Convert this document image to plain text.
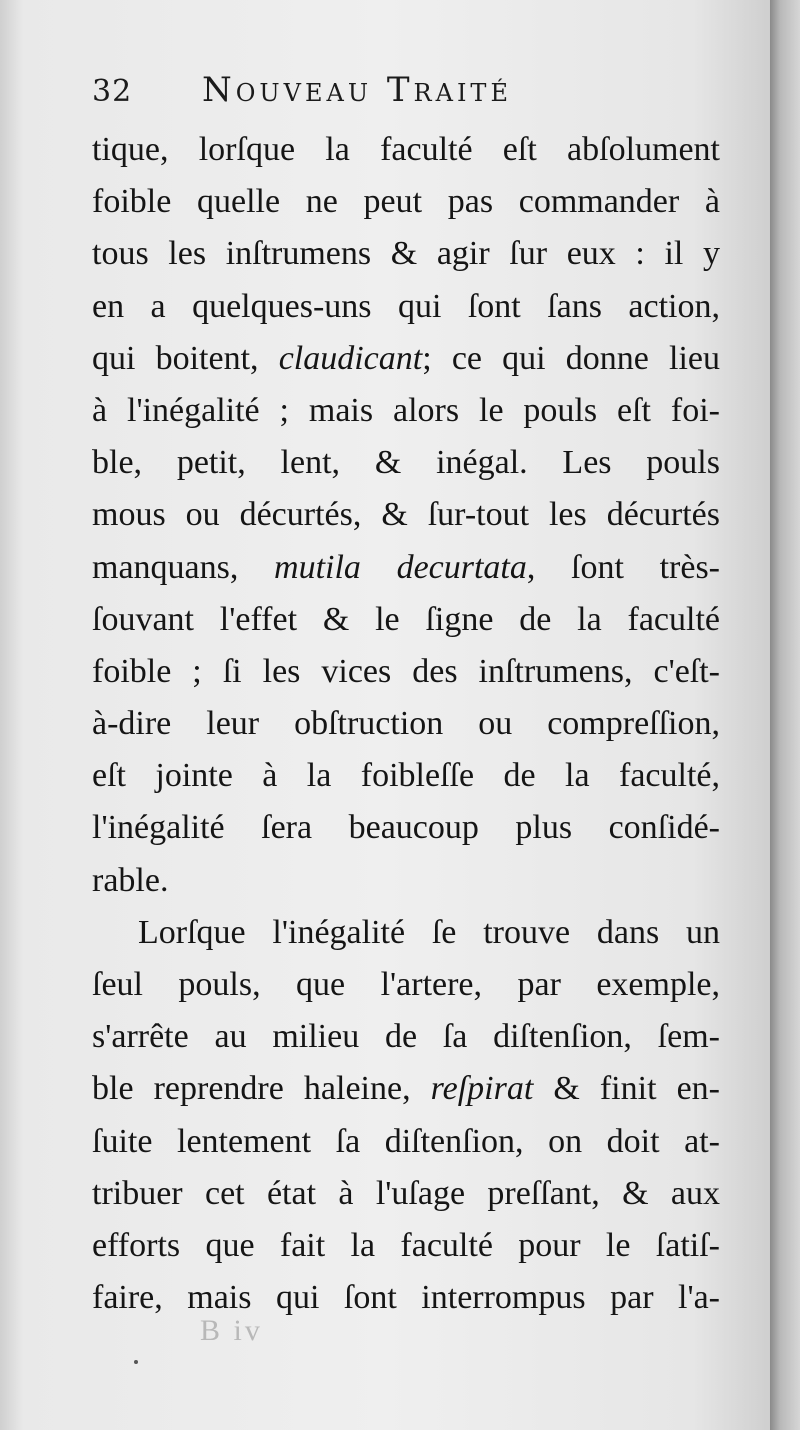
32 Nouveau Traité
tique, lorſque la faculté eſt abſolument
foible quelle ne peut pas commander à
tous les inſtrumens & agir ſur eux : il y
en a quelques-uns qui ſont ſans action,
qui boitent, claudicant; ce qui donne lieu
à l'inégalité ; mais alors le pouls eſt foi-
ble, petit, lent, & inégal. Les pouls
mous ou décurtés, & ſur-tout les décurtés
manquans, mutila decurtata, ſont très-
ſouvant l'effet & le ſigne de la faculté
foible ; ſi les vices des inſtrumens, c'eſt-
à-dire leur obſtruction ou compreſſion,
eſt jointe à la foibleſſe de la faculté,
l'inégalité ſera beaucoup plus conſidé-
rable.
Lorſque l'inégalité ſe trouve dans un
ſeul pouls, que l'artere, par exemple,
s'arrête au milieu de ſa diſtenſion, ſem-
ble reprendre haleine, reſpirat & finit en-
ſuite lentement ſa diſtenſion, on doit at-
tribuer cet état à l'uſage preſſant, & aux
efforts que fait la faculté pour le ſatiſ-
faire, mais qui ſont interrompus par l'a-
B iv
